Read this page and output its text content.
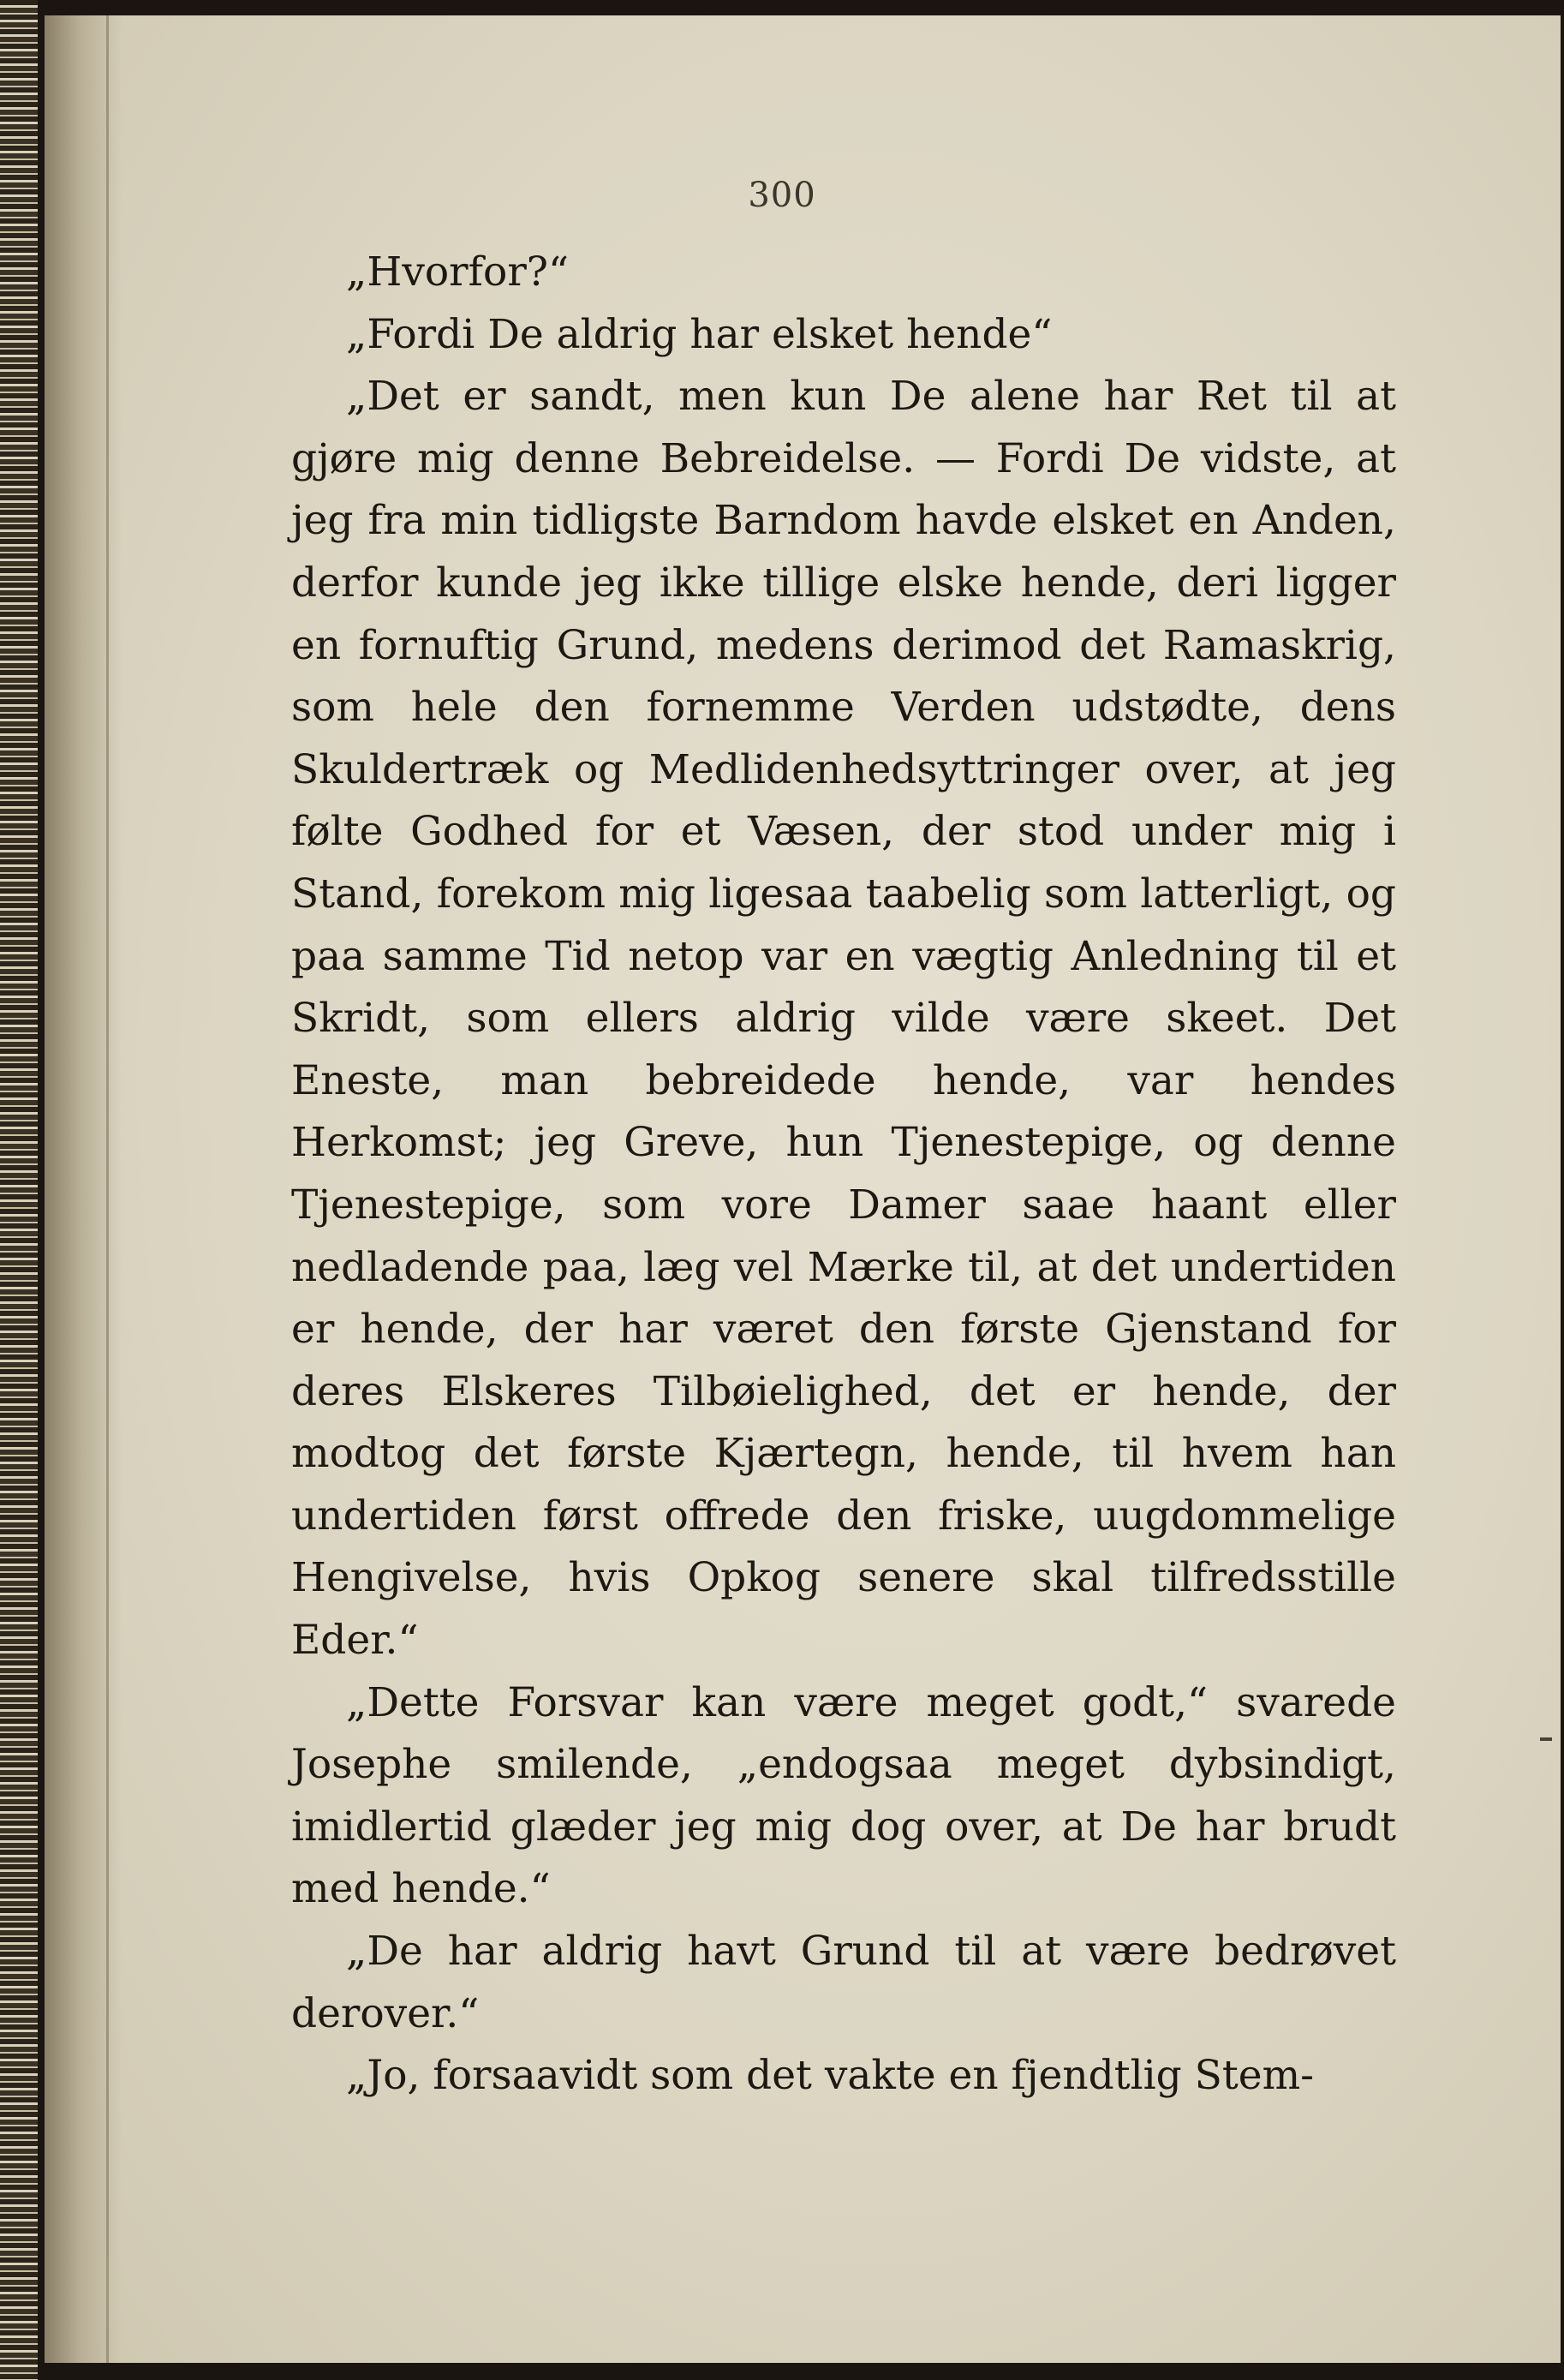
300

„Hvorfor?“

„Fordi De aldrig har elsket hende“

„Det er sandt, men kun De alene har Ret til at gjøre mig denne Bebreidelse. — Fordi De vidste, at jeg fra min tidligste Barndom havde elsket en Anden, derfor kunde jeg ikke tillige elske hende, deri ligger en fornuftig Grund, medens derimod det Ramaskrig, som hele den fornemme Verden udstødte, dens Skuldertræk og Medlidenhedsyttringer over, at jeg følte Godhed for et Væsen, der stod under mig i Stand, forekom mig ligesaa taabelig som latterligt, og paa samme Tid netop var en vægtig Anledning til et Skridt, som ellers aldrig vilde være skeet. Det Eneste, man bebreidede hende, var hendes Herkomst; jeg Greve, hun Tjenestepige, og denne Tjenestepige, som vore Damer saae haant eller nedladende paa, læg vel Mærke til, at det undertiden er hende, der har været den første Gjenstand for deres Elskeres Tilbøielighed, det er hende, der modtog det første Kjærtegn, hende, til hvem han undertiden først offrede den friske, uugdommelige Hengivelse, hvis Opkog senere skal tilfredsstille Eder.“

„Dette Forsvar kan være meget godt,“ svarede Josephe smilende, „endogsaa meget dybsindigt, imidlertid glæder jeg mig dog over, at De har brudt med hende.“

„De har aldrig havt Grund til at være bedrøvet derover.“

„Jo, forsaavidt som det vakte en fjendtlig Stem-
